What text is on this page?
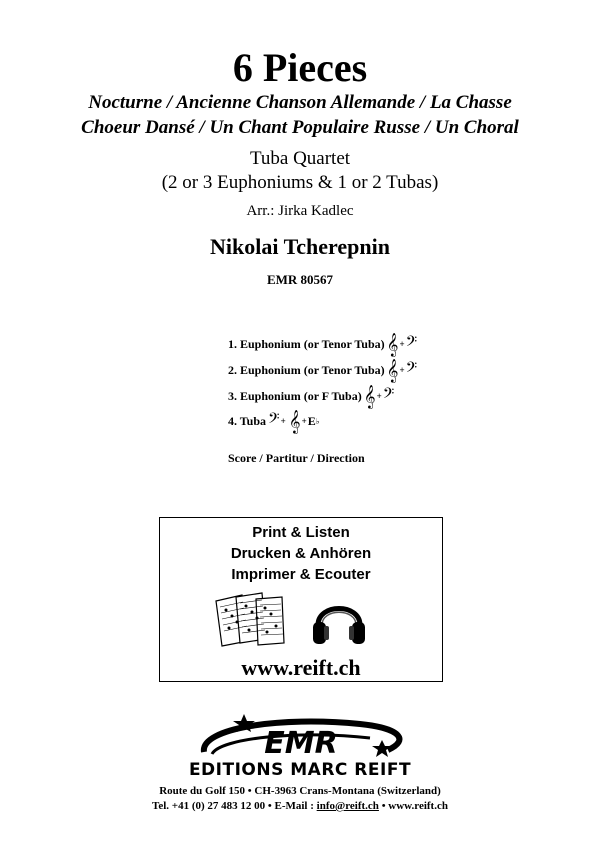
6 Pieces
Nocturne / Ancienne Chanson Allemande / La Chasse
Choeur Dansé / Un Chant Populaire Russe / Un Choral
Tuba Quartet
(2 or 3 Euphoniums & 1 or 2 Tubas)
Arr.: Jirka Kadlec
Nikolai Tcherepnin
EMR 80567
1. Euphonium (or Tenor Tuba) 𝄞 + 𝄢
2. Euphonium (or Tenor Tuba) 𝄞 + 𝄢
3. Euphonium (or F Tuba) 𝄞 + 𝄢
4. Tuba 𝄢 + 𝄞 + E ♭
Score / Partitur / Direction
Print & Listen
Drucken & Anhören
Imprimer & Ecouter
www.reift.ch
EMR
EDITIONS MARC REIFT
Route du Golf 150 • CH-3963 Crans-Montana (Switzerland)
Tel. +41 (0) 27 483 12 00 • E-Mail : info@reift.ch • www.reift.ch
